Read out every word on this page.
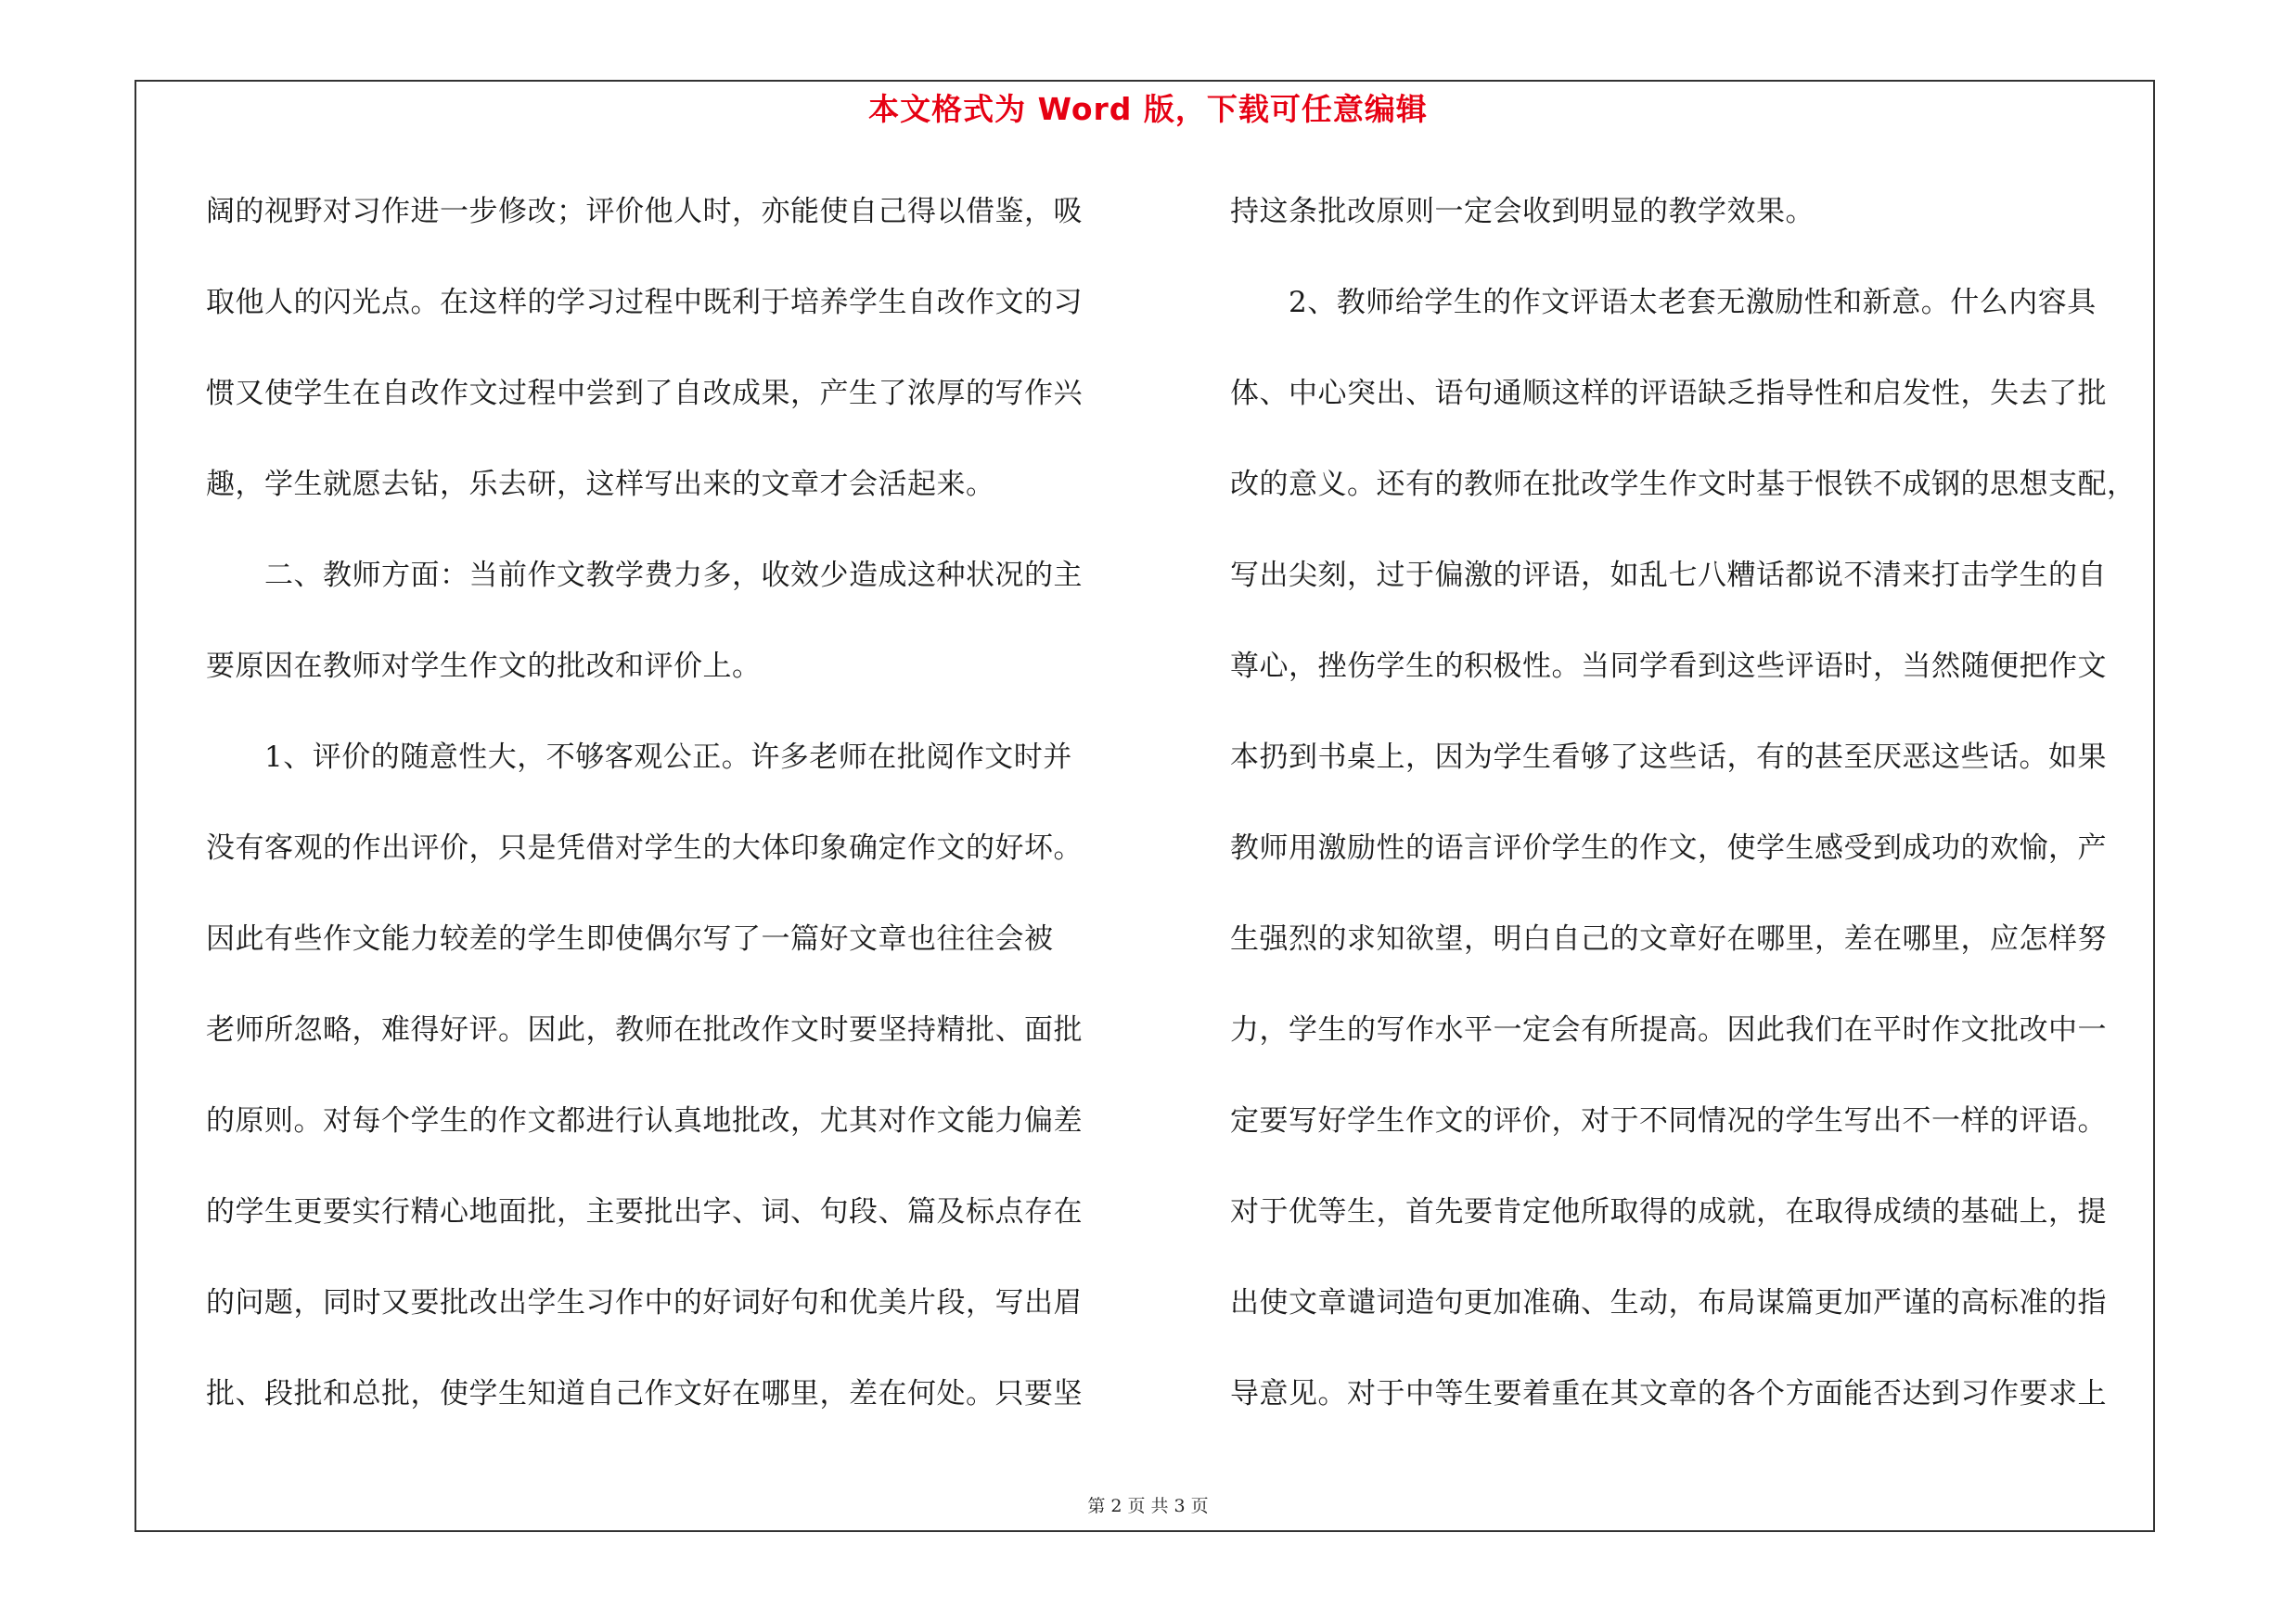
本文格式为 Word 版，下载可任意编辑
阔的视野对习作进一步修改；评价他人时，亦能使自己得以借鉴，吸
取他人的闪光点。在这样的学习过程中既利于培养学生自改作文的习
惯又使学生在自改作文过程中尝到了自改成果，产生了浓厚的写作兴
趣，学生就愿去钻，乐去研，这样写出来的文章才会活起来。
　　二、教师方面：当前作文教学费力多，收效少造成这种状况的主
要原因在教师对学生作文的批改和评价上。
　　1、评价的随意性大，不够客观公正。许多老师在批阅作文时并
没有客观的作出评价，只是凭借对学生的大体印象确定作文的好坏。
因此有些作文能力较差的学生即使偶尔写了一篇好文章也往往会被
老师所忽略，难得好评。因此，教师在批改作文时要坚持精批、面批
的原则。对每个学生的作文都进行认真地批改，尤其对作文能力偏差
的学生更要实行精心地面批，主要批出字、词、句段、篇及标点存在
的问题，同时又要批改出学生习作中的好词好句和优美片段，写出眉
批、段批和总批，使学生知道自己作文好在哪里，差在何处。只要坚
持这条批改原则一定会收到明显的教学效果。
　　2、教师给学生的作文评语太老套无激励性和新意。什么内容具
体、中心突出、语句通顺这样的评语缺乏指导性和启发性，失去了批
改的意义。还有的教师在批改学生作文时基于恨铁不成钢的思想支配，
写出尖刻，过于偏激的评语，如乱七八糟话都说不清来打击学生的自
尊心，挫伤学生的积极性。当同学看到这些评语时，当然随便把作文
本扔到书桌上，因为学生看够了这些话，有的甚至厌恶这些话。如果
教师用激励性的语言评价学生的作文，使学生感受到成功的欢愉，产
生强烈的求知欲望，明白自己的文章好在哪里，差在哪里，应怎样努
力，学生的写作水平一定会有所提高。因此我们在平时作文批改中一
定要写好学生作文的评价，对于不同情况的学生写出不一样的评语。
对于优等生，首先要肯定他所取得的成就，在取得成绩的基础上，提
出使文章谴词造句更加准确、生动，布局谋篇更加严谨的高标准的指
导意见。对于中等生要着重在其文章的各个方面能否达到习作要求上
第 2 页 共 3 页
